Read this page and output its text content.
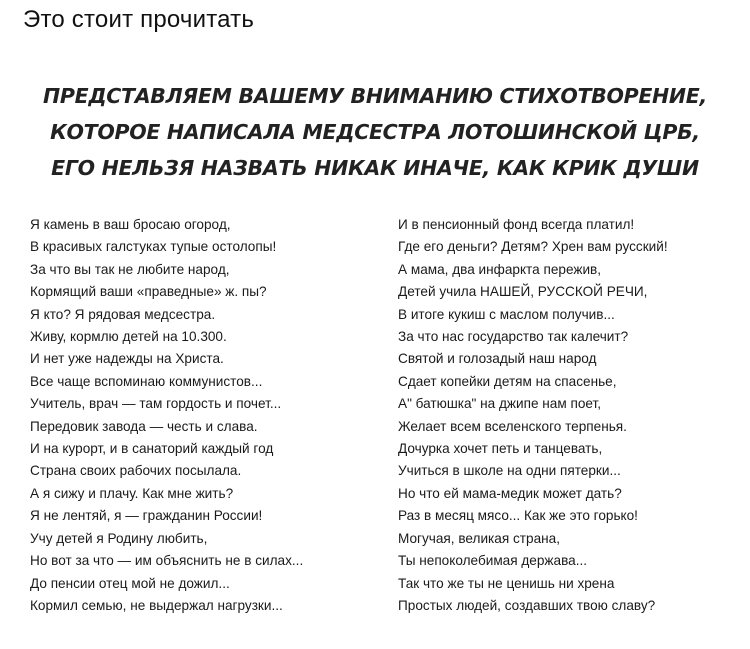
Это стоит прочитать
ПРЕДСТАВЛЯЕМ ВАШЕМУ ВНИМАНИЮ СТИХОТВОРЕНИЕ,
КОТОРОЕ НАПИСАЛА МЕДСЕСТРА ЛОТОШИНСКОЙ ЦРБ,
ЕГО НЕЛЬЗЯ НАЗВАТЬ НИКАК ИНАЧЕ, КАК КРИК ДУШИ
Я камень в ваш бросаю огород,
В красивых галстуках тупые остолопы!
За что вы так не любите народ,
Кормящий ваши «праведные» ж. пы?
Я кто? Я рядовая медсестра.
Живу, кормлю детей на 10.300.
И нет уже надежды на Христа.
Все чаще вспоминаю коммунистов...
Учитель, врач — там гордость и почет...
Передовик завода — честь и слава.
И на курорт, и в санаторий каждый год
Страна своих рабочих посылала.
А я сижу и плачу. Как мне жить?
Я не лентяй, я — гражданин России!
Учу детей я Родину любить,
Но вот за что — им объяснить не в силах...
До пенсии отец мой не дожил...
Кормил семью, не выдержал нагрузки...
И в пенсионный фонд всегда платил!
Где его деньги? Детям? Хрен вам русский!
А мама, два инфаркта пережив,
Детей учила НАШЕЙ, РУССКОЙ РЕЧИ,
В итоге кукиш с маслом получив...
За что нас государство так калечит?
Святой и голозадый наш народ
Сдает копейки детям на спасенье,
А" батюшка" на джипе нам поет,
Желает всем вселенского терпенья.
Дочурка хочет петь и танцевать,
Учиться в школе на одни пятерки...
Но что ей мама-медик может дать?
Раз в месяц мясо... Как же это горько!
Могучая, великая страна,
Ты непоколебимая держава...
Так что же ты не ценишь ни хрена
Простых людей, создавших твою славу?
